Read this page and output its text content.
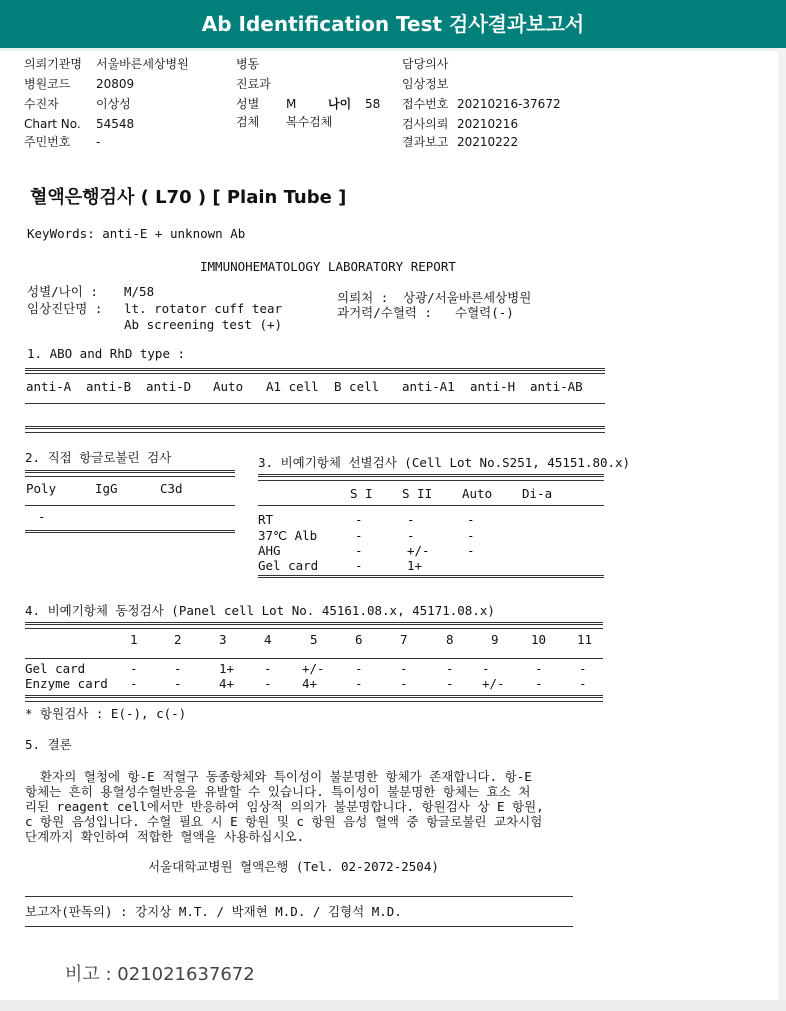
Ab Identification Test 검사결과보고서
의뢰기관명 서울바른세상병원
병원코드 20809
수진자	이상성
Chart No. 54548
주민번호 -
병동
진료과
성별 M
검체 복수검체
담당의사
임상정보
접수번호 20210216-37672
검사의뢰 20210216
결과보고 20210222
나이 58
혈액은행검사 ( L70 ) [ Plain Tube ]
KeyWords: anti-E + unknown Ab
IMMUNOHEMATOLOGY LABORATORY REPORT
성별/나이 : M/58
임상진단명 : lt. rotator cuff tear
Ab screening test (+)
의뢰처 : 상광/서울바른세상병원
과거력/수혈력 : 수혈력(-)
1. ABO and RhD type :
anti-A anti-B anti-D Auto A1 cell B cell anti-A1 anti-H anti-AB
2. 직접 항글로불린 검사
Poly	IgG	C3d
-
3. 비예기항체 선별검사 (Cell Lot No.S251, 45151.80.x)
S I S II Auto Di-a
RT	-	-	-
37℃ Alb	-	-	-
AHG	-	+/-	-
Gel card	-	1+
4. 비예기항체 동정검사 (Panel cell Lot No. 45161.08.x, 45171.08.x)
1	2	3	4	5	6	7	8	9	10 11
Gel card	-	-	1+ - +/- -	-	- -	-	-
Enzyme card -	-	4+ - 4+	-	-	- +/- -	-
* 항원검사 : E(-), c(-)
5. 결론
환자의 혈청에 항-E 적혈구 동종항체와 특이성이 불분명한 항체가 존재합니다. 항-E
항체는 흔히 용혈성수혈반응을 유발할 수 있습니다. 특이성이 불분명한 항체는 효소 처
리된 reagent cell에서만 반응하여 임상적 의의가 불분명합니다. 항원검사 상 E 항원,
c 항원 음성입니다. 수혈 필요 시 E 항원 및 c 항원 음성 혈액 중 항글로불린 교차시험
단계까지 확인하여 적합한 혈액을 사용하십시오.
서울대학교병원 혈액은행 (Tel. 02-2072-2504)
보고자(판독의) : 강지상 M.T. / 박재현 M.D. / 김형석 M.D.
비고 : 021021637672
